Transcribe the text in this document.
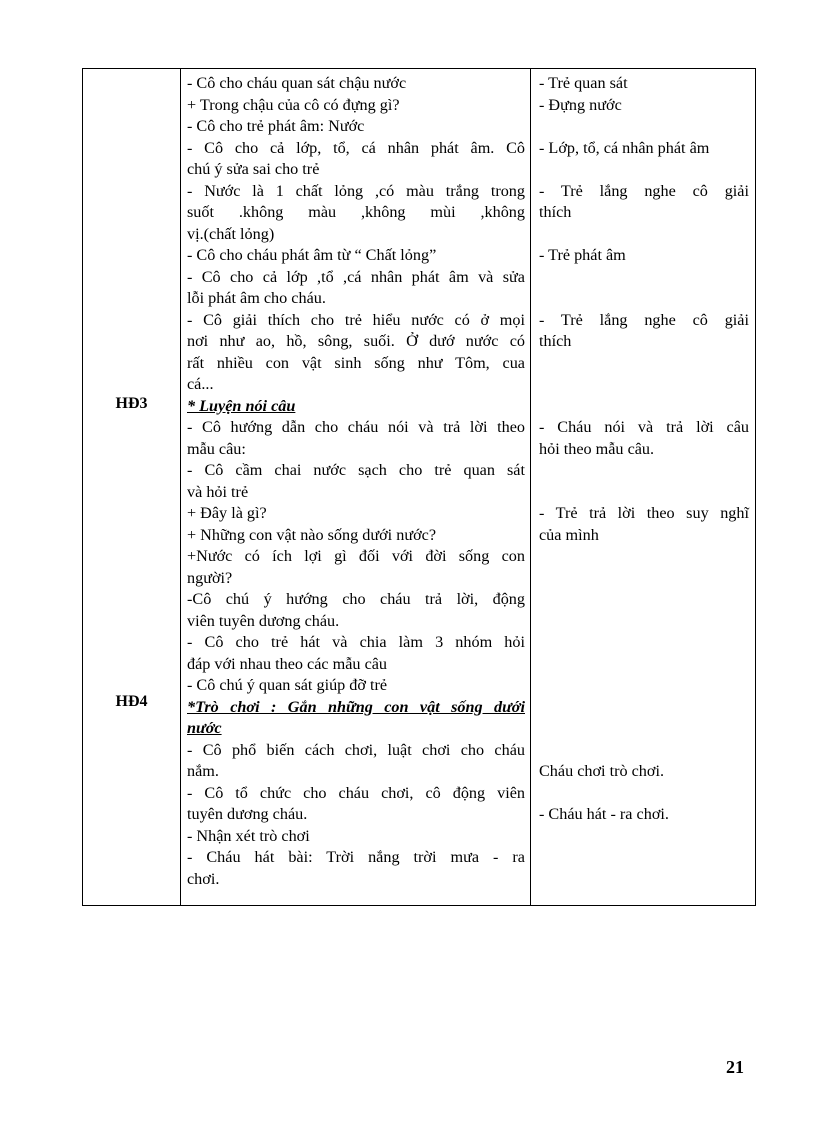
HĐ3
HĐ4
- Cô cho cháu quan sát chậu nước
+ Trong chậu của cô có đựng gì?
- Cô cho trẻ phát âm: Nước
- Cô cho cả lớp, tổ, cá nhân phát âm. Cô
chú ý sửa sai cho trẻ
- Nước là 1 chất lỏng ,có màu trắng trong
suốt .không màu ,không mùi ,không
vị.(chất lỏng)
- Cô cho cháu phát âm từ “ Chất lỏng”
- Cô cho cả lớp ,tổ ,cá nhân phát âm và sửa
lỗi phát âm cho cháu.
- Cô giải thích cho trẻ hiểu nước có ở mọi
nơi như ao, hồ, sông, suối. Ở dướ nước có
rất nhiều con vật sinh sống như Tôm, cua
cá...
* Luyện nói câu
- Cô hướng dẫn cho cháu nói và trả lời theo
mẫu câu:
- Cô cầm chai nước sạch cho trẻ quan sát
và hỏi trẻ
+ Đây là gì?
+ Những con vật nào sống dưới nước?
+Nước có ích lợi gì đối với đời sống con
người?
-Cô chú ý hướng cho cháu trả lời, động
viên tuyên dương cháu.
- Cô cho trẻ hát và chia làm 3 nhóm hỏi
đáp với nhau theo các mẫu câu
- Cô chú ý quan sát giúp đỡ trẻ
*Trò chơi : Gắn những con vật sống dưới
nước
- Cô phổ biến cách chơi, luật chơi cho cháu
nắm.
- Cô tổ chức cho cháu chơi, cô động viên
tuyên dương cháu.
- Nhận xét trò chơi
- Cháu hát bài: Trời nắng trời mưa - ra
chơi.
- Trẻ quan sát
- Đựng nước
- Lớp, tổ, cá nhân phát âm
- Trẻ lắng nghe cô giải
thích
- Trẻ phát âm
- Trẻ lắng nghe cô giải
thích
- Cháu nói và trả lời câu
hỏi theo mẫu câu.
- Trẻ trả lời theo suy nghĩ
của mình
Cháu chơi trò chơi.
- Cháu hát - ra chơi.
21
